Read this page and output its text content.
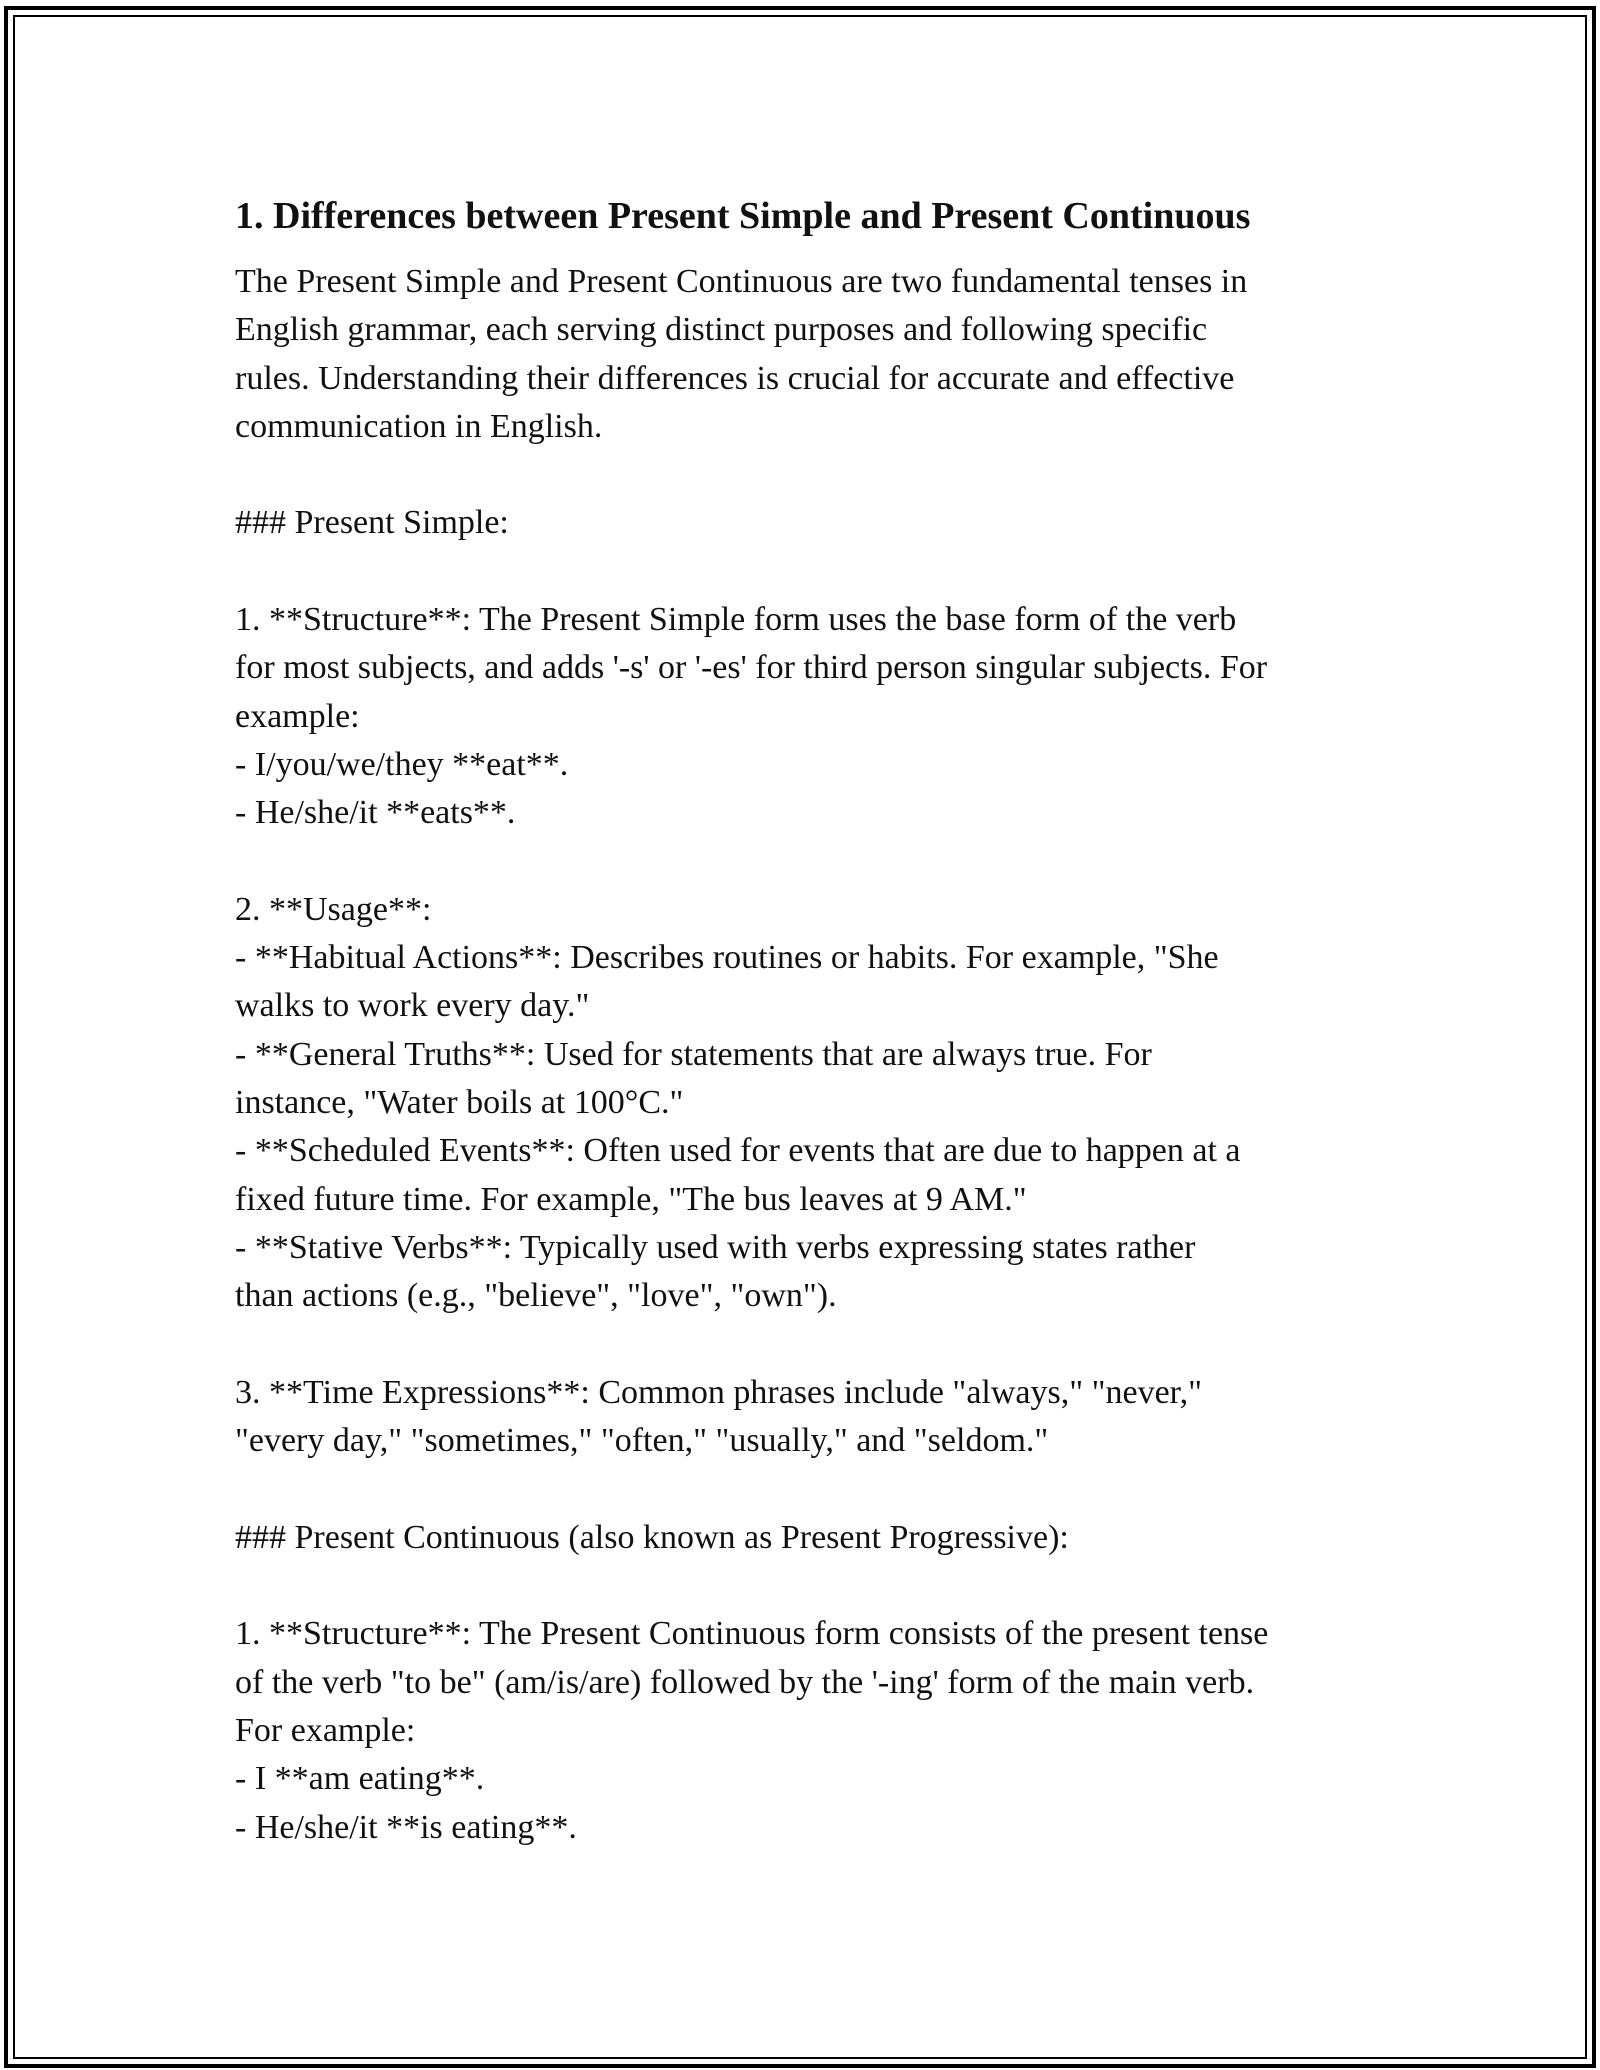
1. Differences between Present Simple and Present Continuous

The Present Simple and Present Continuous are two fundamental tenses in
English grammar, each serving distinct purposes and following specific
rules. Understanding their differences is crucial for accurate and effective
communication in English.

### Present Simple:

1. **Structure**: The Present Simple form uses the base form of the verb
for most subjects, and adds '-s' or '-es' for third person singular subjects. For
example:
- I/you/we/they **eat**.
- He/she/it **eats**.

2. **Usage**:
- **Habitual Actions**: Describes routines or habits. For example, "She
walks to work every day."
- **General Truths**: Used for statements that are always true. For
instance, "Water boils at 100°C."
- **Scheduled Events**: Often used for events that are due to happen at a
fixed future time. For example, "The bus leaves at 9 AM."
- **Stative Verbs**: Typically used with verbs expressing states rather
than actions (e.g., "believe", "love", "own").

3. **Time Expressions**: Common phrases include "always," "never,"
"every day," "sometimes," "often," "usually," and "seldom."

### Present Continuous (also known as Present Progressive):

1. **Structure**: The Present Continuous form consists of the present tense
of the verb "to be" (am/is/are) followed by the '-ing' form of the main verb.
For example:
- I **am eating**.
- He/she/it **is eating**.
